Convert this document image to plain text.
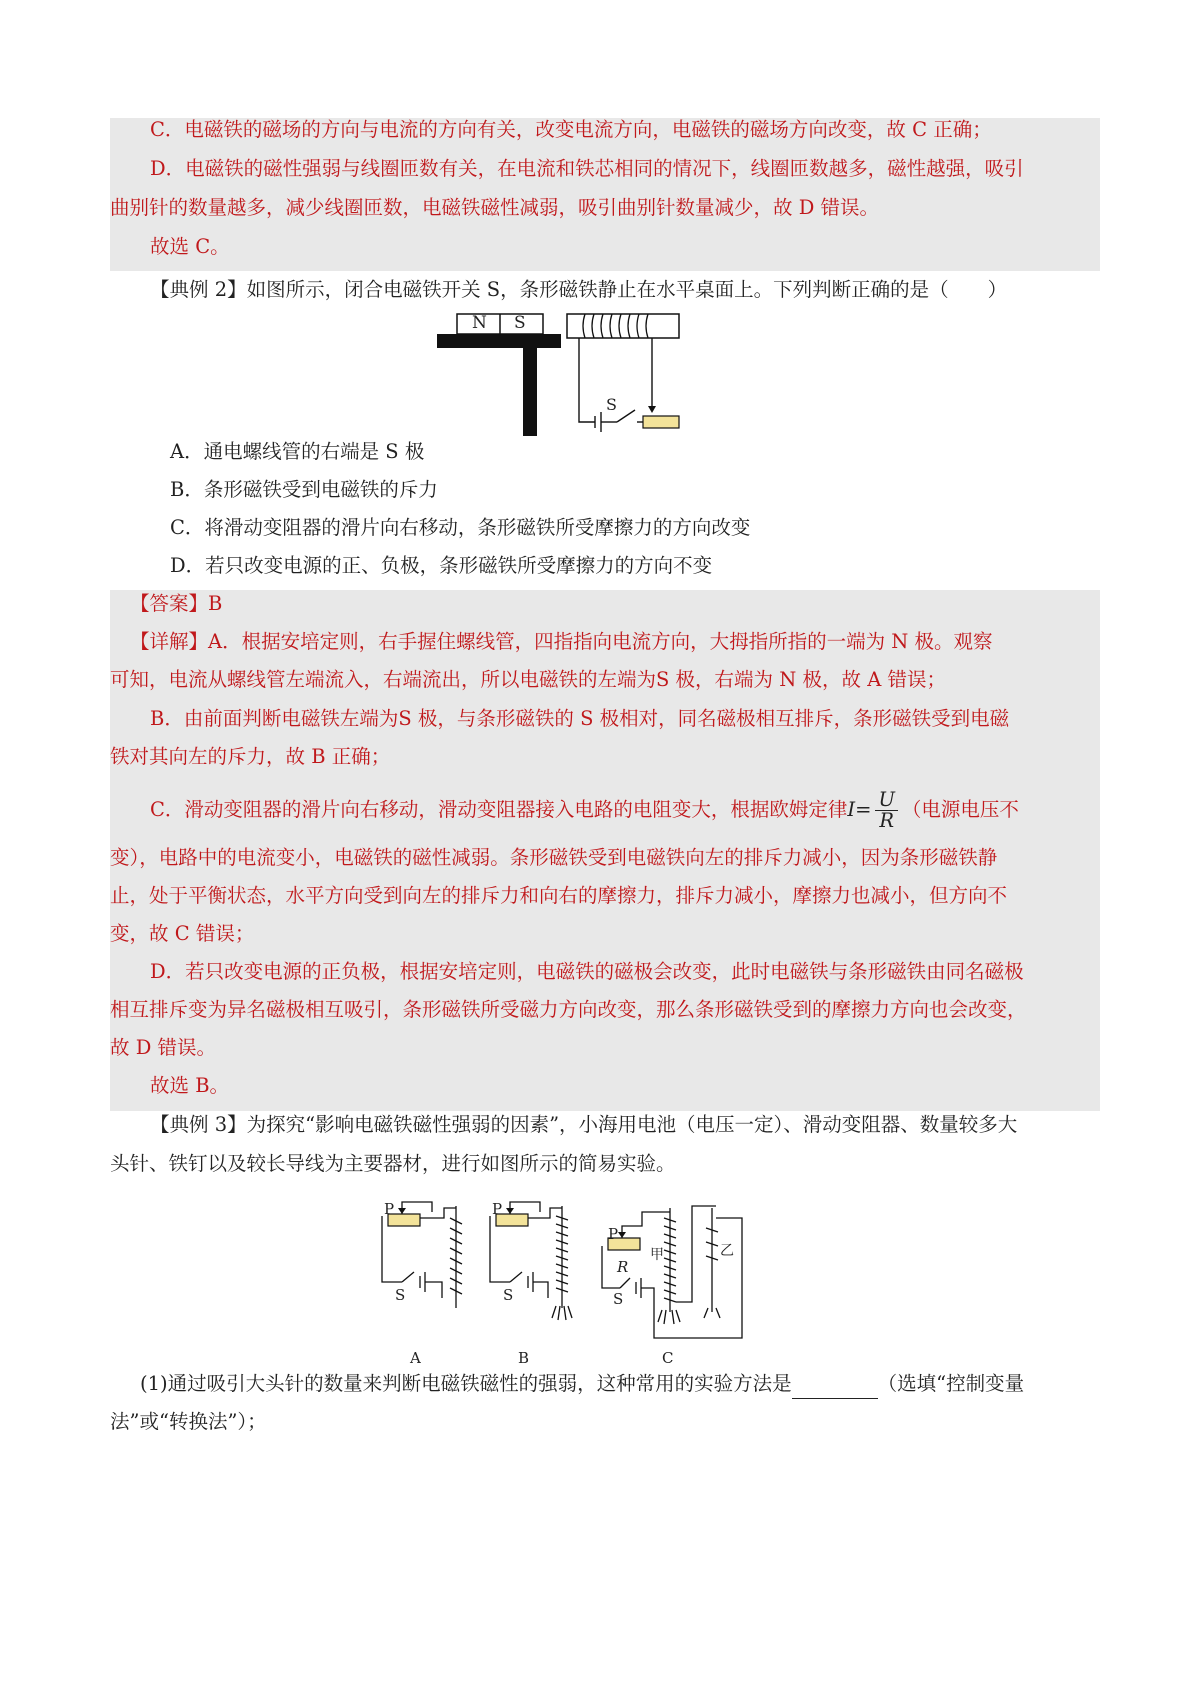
C．电磁铁的磁场的方向与电流的方向有关，改变电流方向，电磁铁的磁场方向改变，故 C 正确；
D．电磁铁的磁性强弱与线圈匝数有关，在电流和铁芯相同的情况下，线圈匝数越多，磁性越强，吸引
曲别针的数量越多，减少线圈匝数，电磁铁磁性减弱，吸引曲别针数量减少，故 D 错误。
故选 C。
【典例 2】如图所示，闭合电磁铁开关 S，条形磁铁静止在水平桌面上。下列判断正确的是（　　）
N S
S
A．通电螺线管的右端是 S 极
B．条形磁铁受到电磁铁的斥力
C．将滑动变阻器的滑片向右移动，条形磁铁所受摩擦力的方向改变
D．若只改变电源的正、负极，条形磁铁所受摩擦力的方向不变
【答案】B
【详解】A．根据安培定则，右手握住螺线管，四指指向电流方向，大拇指所指的一端为 N 极。观察
可知，电流从螺线管左端流入，右端流出，所以电磁铁的左端为S 极，右端为 N 极，故 A 错误；
B．由前面判断电磁铁左端为S 极，与条形磁铁的 S 极相对，同名磁极相互排斥，条形磁铁受到电磁
铁对其向左的斥力，故 B 正确；
C．滑动变阻器的滑片向右移动，滑动变阻器接入电路的电阻变大，根据欧姆定律$I= \frac{U}{R}$ （电源电压不
变），电路中的电流变小，电磁铁的磁性减弱。条形磁铁受到电磁铁向左的排斥力减小，因为条形磁铁静
止，处于平衡状态，水平方向受到向左的排斥力和向右的摩擦力，排斥力减小，摩擦力也减小，但方向不
变，故 C 错误；
D．若只改变电源的正负极，根据安培定则，电磁铁的磁极会改变，此时电磁铁与条形磁铁由同名磁极
相互排斥变为异名磁极相互吸引，条形磁铁所受磁力方向改变，那么条形磁铁受到的摩擦力方向也会改变，
故 D 错误。
故选 B。
【典例 3】为探究“影响电磁铁磁性强弱的因素”，小海用电池（电压一定）、滑动变阻器、数量较多大
头针、铁钉以及较长导线为主要器材，进行如图所示的简易实验。
P	P
P
R
甲	乙
S	S	S
A	B	C
(1)通过吸引大头针的数量来判断电磁铁磁性的强弱，这种常用的实验方法是	（选填“控制变量
法”或“转换法”）；
